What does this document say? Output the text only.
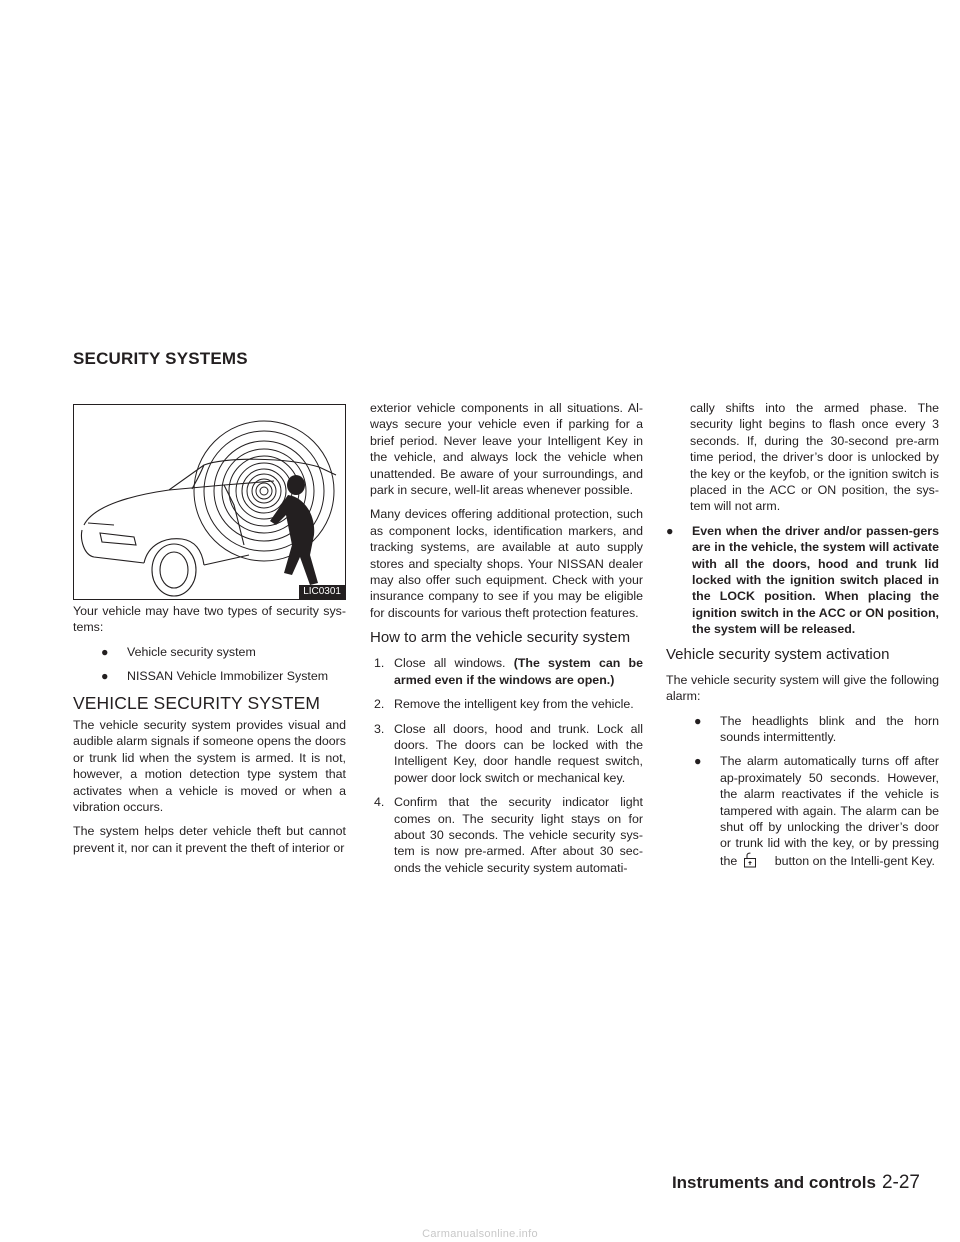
SECURITY SYSTEMS
LIC0301

Your vehicle may have two types of security sys-tems:

●	Vehicle security system
●	NISSAN Vehicle Immobilizer System
VEHICLE SECURITY SYSTEM

The vehicle security system provides visual and audible alarm signals if someone opens the doors or trunk lid when the system is armed. It is not, however, a motion detection type system that activates when a vehicle is moved or when a vibration occurs.

The system helps deter vehicle theft but cannot prevent it, nor can it prevent the theft of interior or

exterior vehicle components in all situations. Al-ways secure your vehicle even if parking for a brief period. Never leave your Intelligent Key in the vehicle, and always lock the vehicle when unattended. Be aware of your surroundings, and park in secure, well-lit areas whenever possible.

Many devices offering additional protection, such as component locks, identification markers, and tracking systems, are available at auto supply stores and specialty shops. Your NISSAN dealer may also offer such equipment. Check with your insurance company to see if you may be eligible for discounts for various theft protection features.

How to arm the vehicle security system
1. Close all windows. (The system can be armed even if the windows are open.)
2. Remove the intelligent key from the vehicle.
3. Close all doors, hood and trunk. Lock all doors. The doors can be locked with the Intelligent Key, door handle request switch, power door lock switch or mechanical key.
4. Confirm that the security indicator light comes on. The security light stays on for about 30 seconds. The vehicle security sys-tem is now pre-armed. After about 30 sec-onds the vehicle security system automati-

cally shifts into the armed phase. The security light begins to flash once every 3 seconds. If, during the 30-second pre-arm time period, the driver’s door is unlocked by the key or the keyfob, or the ignition switch is placed in the ACC or ON position, the sys-tem will not arm.

●	Even when the driver and/or passen-gers are in the vehicle, the system will activate with all the doors, hood and trunk lid locked with the ignition switch placed in the LOCK position. When placing the ignition switch in the ACC or ON position, the system will be released.
Vehicle security system activation

The vehicle security system will give the following alarm:

●	The headlights blink and the horn sounds intermittently.
●	The alarm automatically turns off after ap-proximately 50 seconds. However, the alarm reactivates if the vehicle is tampered with again. The alarm can be shut off by unlocking the driver’s door or trunk lid with the key, or by pressing the	button on the Intelli-gent Key.
Instruments and controls 2-27
Carmanualsonline.info
